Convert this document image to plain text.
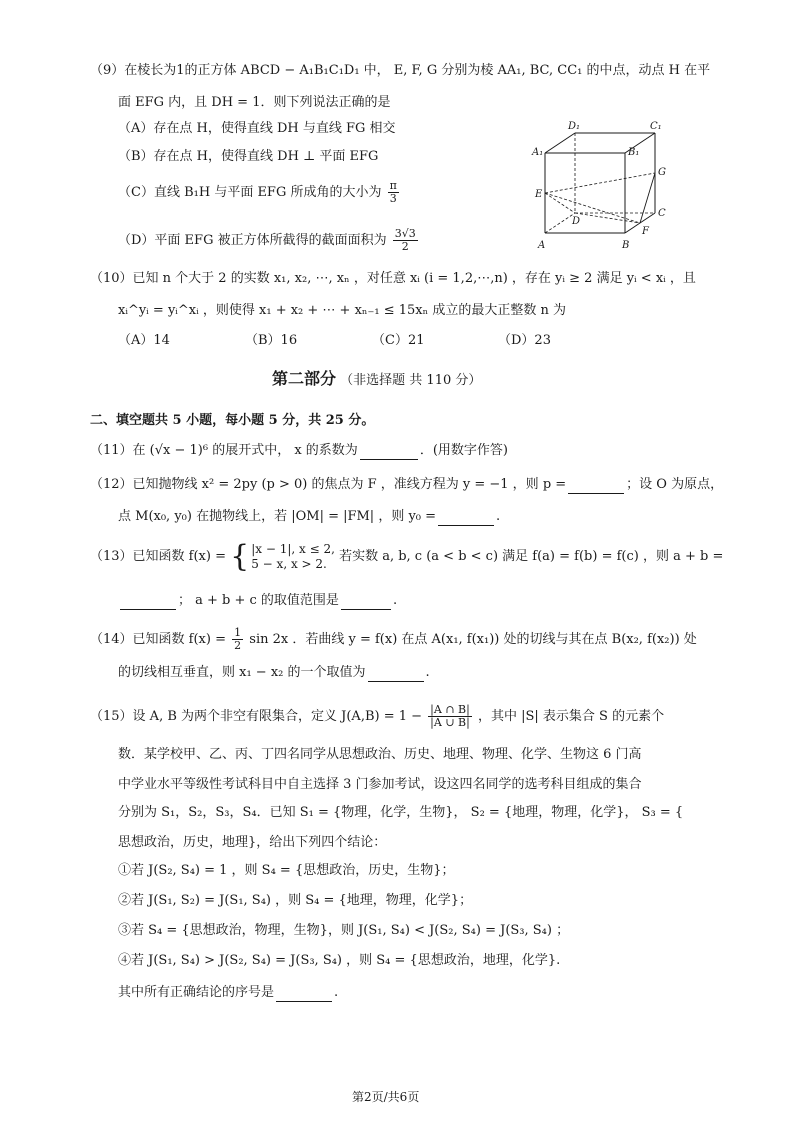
（9）在棱长为1的正方体 ABCD − A₁B₁C₁D₁ 中， E, F, G 分别为棱 AA₁, BC, CC₁ 的中点，动点 H 在平
面 EFG 内，且 DH = 1．则下列说法正确的是
（A）存在点 H，使得直线 DH 与直线 FG 相交
（B）存在点 H，使得直线 DH ⊥ 平面 EFG
（C）直线 B₁H 与平面 EFG 所成角的大小为 $\frac{\pi}{3}$
（D）平面 EFG 被正方体所截得的截面面积为 $\frac{3√3}{2}$
D₁	C₁
A₁	B₁
G
E
D
C
F
A	B
（10）已知 n 个大于 2 的实数 x₁, x₂, ⋯, xₙ ，对任意 xᵢ (i = 1,2,⋯,n) ，存在 yᵢ ≥ 2 满足 yᵢ < xᵢ ，且
xᵢ^yᵢ = yᵢ^xᵢ ，则使得 x₁ + x₂ + ⋯ + xₙ₋₁ ≤ 15xₙ 成立的最大正整数 n 为
（A）14	（B）16	（C）21	（D）23
第二部分 （非选择题 共 110 分）
二、填空题共 5 小题，每小题 5 分，共 25 分。
（11）在 (√x − 1)⁶ 的展开式中， x 的系数为	．(用数字作答)
（12）已知抛物线 x² = 2py (p > 0) 的焦点为 F ，准线方程为 y = −1 ，则 p =	；设 O 为原点，
点 M(x₀, y₀) 在抛物线上，若 |OM| = |FM| ，则 y₀ =	.
（13）已知函数 f(x) = { |x − 1|, x ≤ 2,
5 − x, x > 2. 若实数 a, b, c (a < b < c) 满足 f(a) = f(b) = f(c) ，则 a + b =
； a + b + c 的取值范围是	.
（14）已知函数 $f(x) = \frac{1}{2}$ sin 2x ．若曲线 y = f(x) 在点 A(x₁, f(x₁)) 处的切线与其在点 B(x₂, f(x₂)) 处
的切线相互垂直，则 x₁ − x₂ 的一个取值为	.
（15）设 A, B 为两个非空有限集合，定义 $J(A,B) = 1 - \frac{|A \cap B|}{|A \cup B|}$ ，其中 |S| 表示集合 S 的元素个
数．某学校甲、乙、丙、丁四名同学从思想政治、历史、地理、物理、化学、生物这 6 门高
中学业水平等级性考试科目中自主选择 3 门参加考试，设这四名同学的选考科目组成的集合
分别为 S₁，S₂，S₃，S₄．已知 S₁ = {物理，化学，生物}， S₂ = {地理，物理，化学}， S₃ = {
思想政治，历史，地理}，给出下列四个结论：
①若 J(S₂, S₄) = 1 ，则 S₄ = {思想政治，历史，生物}；
②若 J(S₁, S₂) = J(S₁, S₄) ，则 S₄ = {地理，物理，化学}；
③若 S₄ = {思想政治，物理，生物}，则 J(S₁, S₄) < J(S₂, S₄) = J(S₃, S₄) ；
④若 J(S₁, S₄) > J(S₂, S₄) = J(S₃, S₄) ，则 S₄ = {思想政治，地理，化学}.
其中所有正确结论的序号是	.
第2页/共6页
